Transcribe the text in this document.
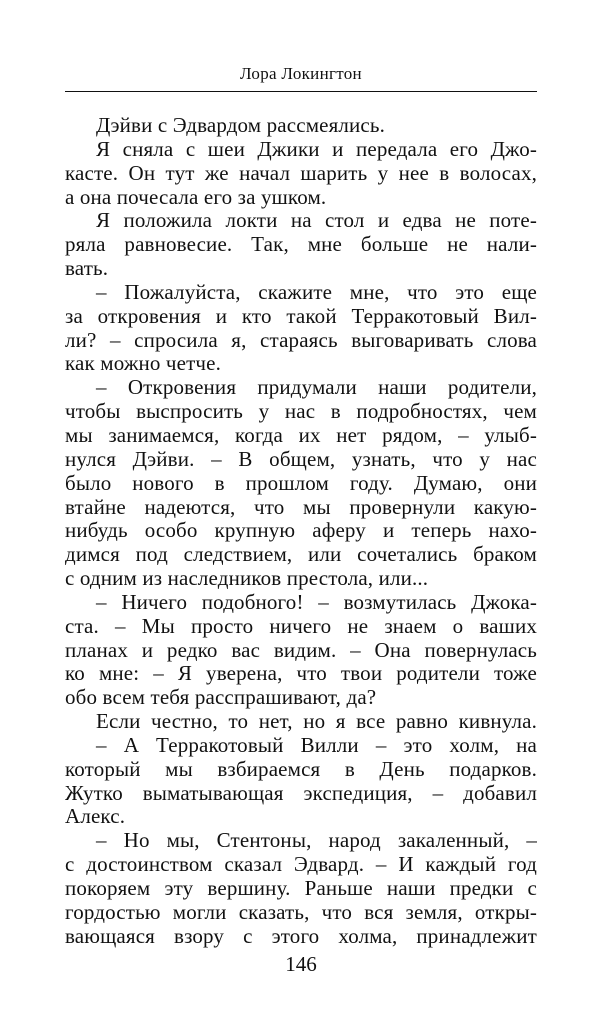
Лора Локингтон
Дэйви с Эдвардом рассмеялись.
Я сняла с шеи Джики и передала его Джо-
касте. Он тут же начал шарить у нее в волосах,
а она почесала его за ушком.
Я положила локти на стол и едва не поте-
ряла равновесие. Так, мне больше не нали-
вать.
– Пожалуйста, скажите мне, что это еще
за откровения и кто такой Терракотовый Вил-
ли? – спросила я, стараясь выговаривать слова
как можно четче.
– Откровения придумали наши родители,
чтобы выспросить у нас в подробностях, чем
мы занимаемся, когда их нет рядом, – улыб-
нулся Дэйви. – В общем, узнать, что у нас
было нового в прошлом году. Думаю, они
втайне надеются, что мы провернули какую-
нибудь особо крупную аферу и теперь нахо-
димся под следствием, или сочетались браком
с одним из наследников престола, или...
– Ничего подобного! – возмутилась Джока-
ста. – Мы просто ничего не знаем о ваших
планах и редко вас видим. – Она повернулась
ко мне: – Я уверена, что твои родители тоже
обо всем тебя расспрашивают, да?
Если честно, то нет, но я все равно кивнула.
– А Терракотовый Вилли – это холм, на
который мы взбираемся в День подарков.
Жутко выматывающая экспедиция, – добавил
Алекс.
– Но мы, Стентоны, народ закаленный, –
с достоинством сказал Эдвард. – И каждый год
покоряем эту вершину. Раньше наши предки с
гордостью могли сказать, что вся земля, откры-
вающаяся взору с этого холма, принадлежит
146
